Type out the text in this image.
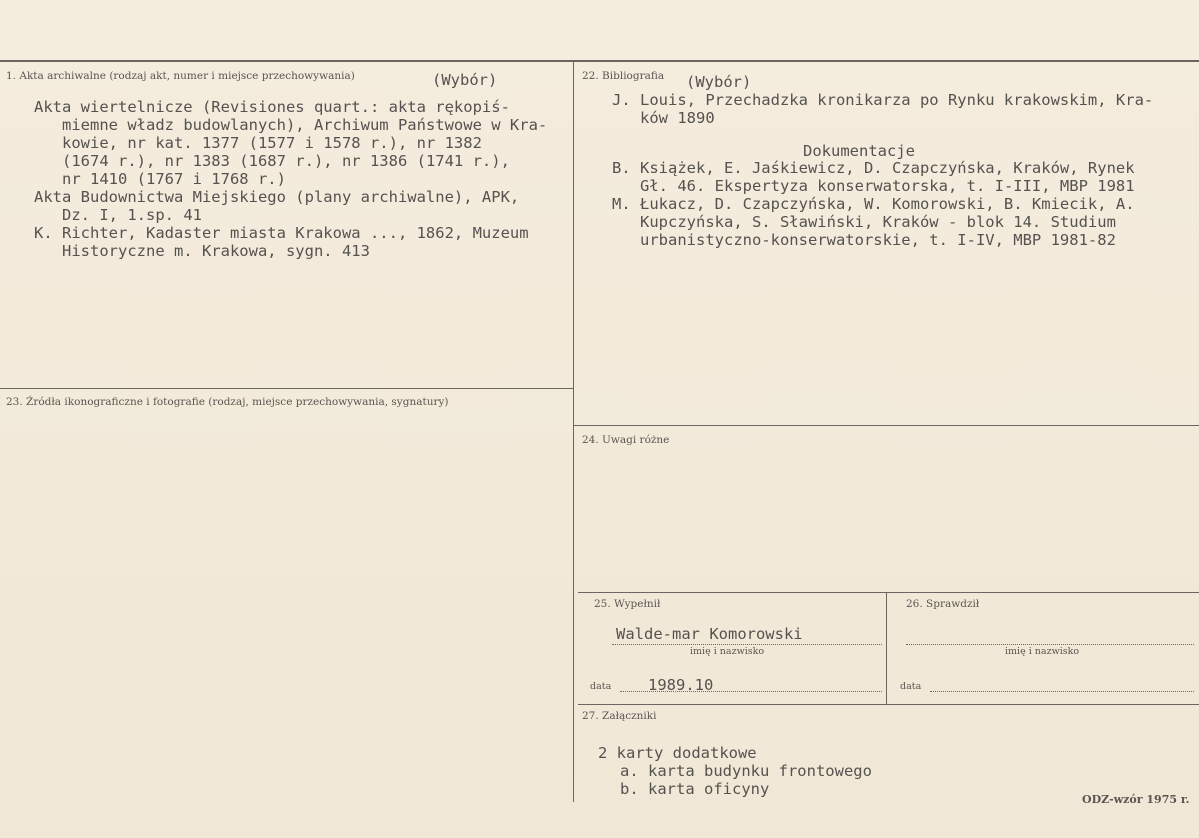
1. Akta archiwalne (rodzaj akt, numer i miejsce przechowywania)	(Wybór)
Akta wiertelnicze (Revisiones quart.: akta rękopiś-
miemne władz budowlanych), Archiwum Państwowe w Kra-
kowie, nr kat. 1377 (1577 i 1578 r.), nr 1382
(1674 r.), nr 1383 (1687 r.), nr 1386 (1741 r.),
nr 1410 (1767 i 1768 r.)
Akta Budownictwa Miejskiego (plany archiwalne), APK,
Dz. I, 1.sp. 41
K. Richter, Kadaster miasta Krakowa ..., 1862, Muzeum
Historyczne m. Krakowa, sygn. 413
22. Bibliografia (Wybór)
J. Louis, Przechadzka kronikarza po Rynku krakowskim, Kra-
ków 1890
Dokumentacje
B. Książek, E. Jaśkiewicz, D. Czapczyńska, Kraków, Rynek
Gł. 46. Ekspertyza konserwatorska, t. I-III, MBP 1981
M. Łukacz, D. Czapczyńska, W. Komorowski, B. Kmiecik, A.
Kupczyńska, S. Sławiński, Kraków - blok 14. Studium
urbanistyczno-konserwatorskie, t. I-IV, MBP 1981-82
23. Źródła ikonograficzne i fotografie (rodzaj, miejsce przechowywania, sygnatury)
24. Uwagi różne
25. Wypełnił
Walde-mar Komorowski
imię i nazwisko
data 1989.10
26. Sprawdził
imię i nazwisko
data
27. Załączniki
2 karty dodatkowe
a. karta budynku frontowego
b. karta oficyny
ODZ-wzór 1975 r.
